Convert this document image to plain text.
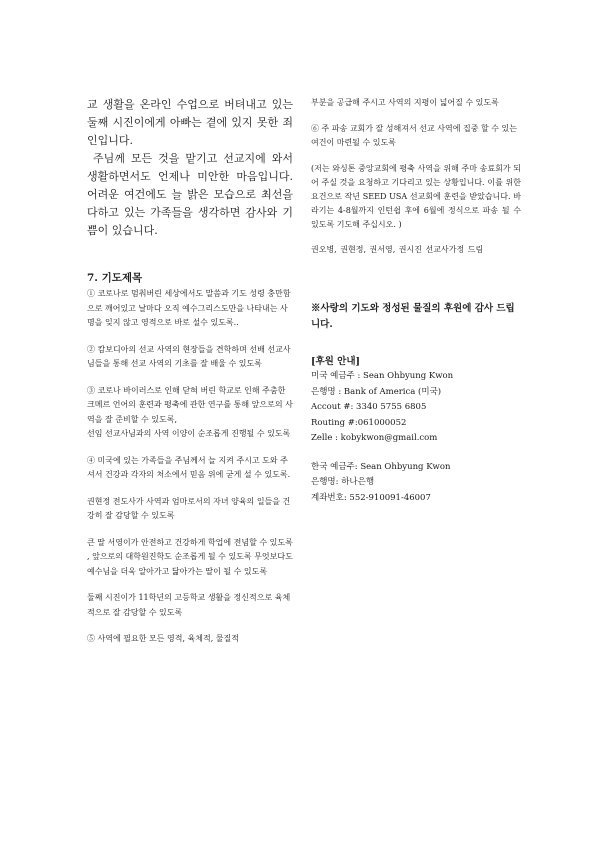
교 생활을 온라인 수업으로 버텨내고 있는 둘째 시진이에게 아빠는 곁에 있지 못한 죄인입니다.

주님께 모든 것을 맡기고 선교지에 와서 생활하면서도 언제나 미안한 마음입니다. 어려운 여건에도 늘 밝은 모습으로 최선을 다하고 있는 가족들을 생각하면 감사와 기쁨이 있습니다.

7. 기도제목
① 코로나로 멈춰버린 세상에서도 말씀과 기도 성령 충만함으로 깨어있고 날마다 오직 예수그리스도만을 나타내는 사명을 잊지 않고 영적으로 바로 설수 있도록..
② 캄보디아의 선교 사역의 현장들을 견학하며 선배 선교사님들을 통해 선교 사역의 기초를 잘 배울 수 있도록
③ 코로나 바이러스로 인해 닫혀 버린 학교로 인해 주춤한 크메르 언어의 훈련과 평축에 관한 연구를 통해 앞으로의 사역을 잘 준비할 수 있도록,
선임 선교사님과의 사역 이양이 순조롭게 진행될 수 있도록
④ 미국에 있는 가족들을 주님께서 늘 지켜 주시고 도와 주셔서 건강과 각자의 처소에서 믿음 위에 굳게 설 수 있도록.
권현정 전도사가 사역과 엄마로서의 자녀 양육의 일들을 건강히 잘 감당할 수 있도록
큰 딸 서영이가 안전하고 건강하게 학업에 전념할 수 있도록 , 앞으로의 대학원진학도 순조롭게 될 수 있도록 무엇보다도 예수님을 더욱 알아가고 닮아가는 딸이 될 수 있도록
둘째 시진이가 11학년의 고등학교 생활을 정신적으로 육체적으로 잘 감당할 수 있도록
⑤ 사역에 필요한 모든 영적, 육체적, 물질적
부분을 공급해 주시고 사역의 지평이 넓어질 수 있도록
⑥ 주 파송 교회가 잘 성해져서 선교 사역에 집중 할 수 있는 여건이 마련될 수 있도록
(저는 와싱톤 중앙교회에 평축 사역을 위해 주마 송료회가 되어 주실 것을 요청하고 기다리고 있는 상황입니다. 이를 위한 요건으로 작년 SEED USA 선교회에 훈련을 받았습니다. 바라기는 4-8월까지 인턴쉽 후에 6월에 정식으로 파송 될 수 있도록 기도해 주십시오. )
권오병, 권현정, 권서영, 권시진 선교사가정 드림
※사랑의 기도와 정성된 물질의 후원에 감사 드립니다.
[후원 안내]
미국 예금주 : Sean Ohbyung Kwon
은행명 : Bank of America (미국)
Accout #: 3340 5755 6805
Routing #:061000052
Zelle : kobykwon@gmail.com
한국 예금주: Sean Ohbyung Kwon
은행명: 하나은행
계좌번호: 552-910091-46007
